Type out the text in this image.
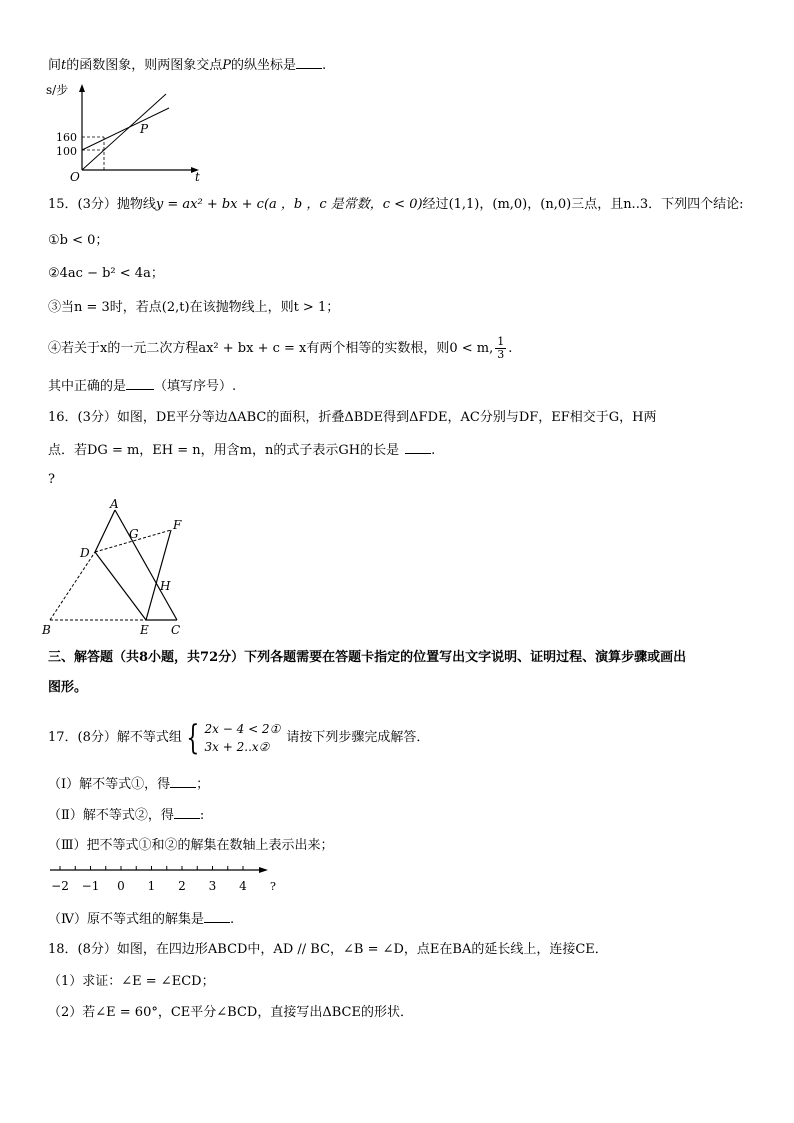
间t的函数图象，则两图象交点P的纵坐标是 .
s/步
O	t
160
100
P
15．(3分）抛物线y = ax² + bx + c(a ，b ，c 是常数，c < 0)经过(1,1)，(m,0)，(n,0)三点，且n..3．下列四个结论:
①b < 0；
②4ac − b² < 4a；
③当n = 3时，若点(2,t)在该抛物线上，则t > 1；
④若关于x的一元二次方程ax² + bx + c = x有两个相等的实数根，则0 < m, $\frac{1}{3}$ .
其中正确的是 （填写序号）.
16．(3分）如图，DE平分等边ΔABC的面积，折叠ΔBDE得到ΔFDE，AC分别与DF，EF相交于G，H两
点．若DG = m，EH = n，用含m，n的式子表示GH的长是 .
?
A
B	C
D
E
F
G
H
三、解答题（共8小题，共72分）下列各题需要在答题卡指定的位置写出文字说明、证明过程、演算步骤或画出
图形。
17．(8分）解不等式组 { 2x − 4 < 2①
3x + 2..x②
请按下列步骤完成解答．
（Ⅰ）解不等式①，得 ；
（Ⅱ）解不等式②，得 :
（Ⅲ）把不等式①和②的解集在数轴上表示出来；
−2 −1 0 1 2 3 4 ?
（Ⅳ）原不等式组的解集是 .
18．(8分）如图，在四边形ABCD中，AD // BC，∠B = ∠D，点E在BA的延长线上，连接CE．
（1）求证：∠E = ∠ECD；
（2）若∠E = 60°，CE平分∠BCD，直接写出ΔBCE的形状．
